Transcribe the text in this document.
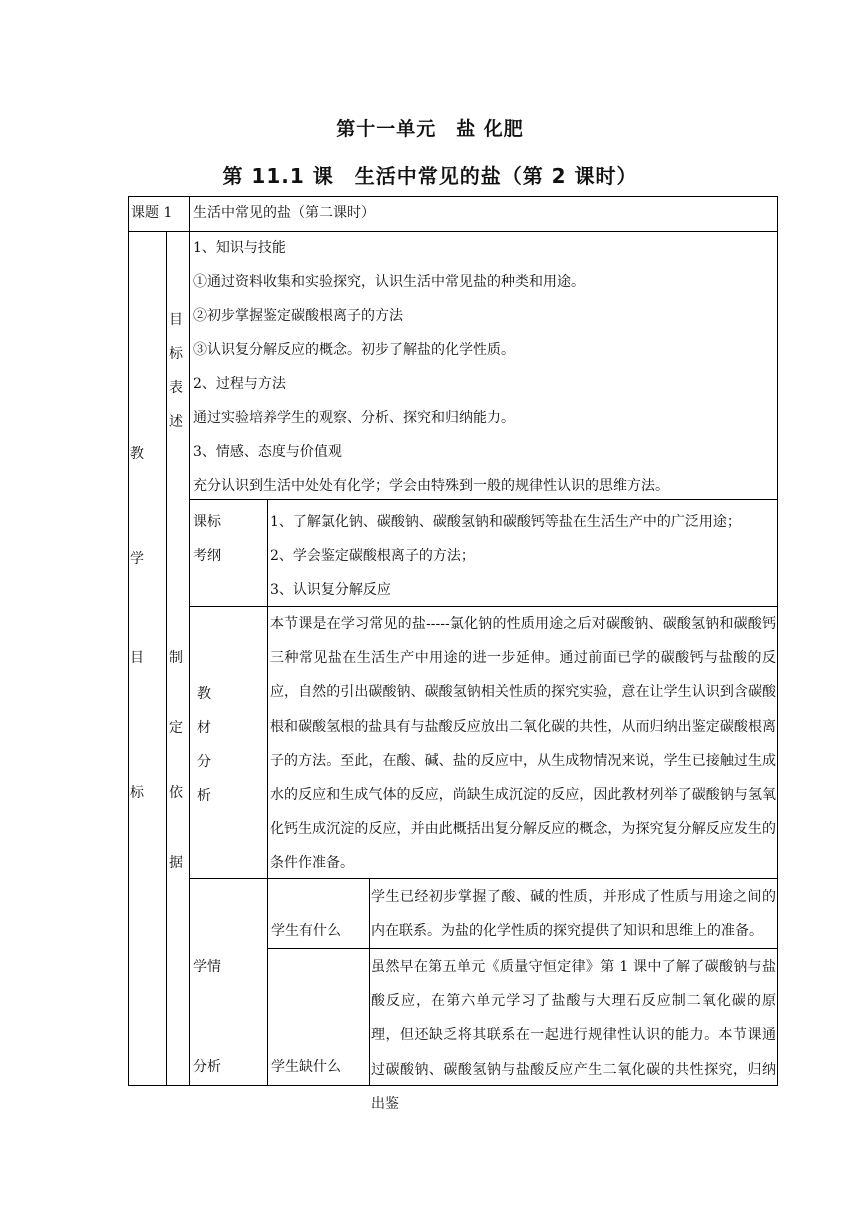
第十一单元　盐 化肥
第 11.1 课　生活中常见的盐（第 2 课时）
课题 1 生活中常见的盐（第二课时）
教
学
目
标
目
标
表
述
1、知识与技能
①通过资料收集和实验探究，认识生活中常见盐的种类和用途。
②初步掌握鉴定碳酸根离子的方法
③认识复分解反应的概念。初步了解盐的化学性质。
2、过程与方法
通过实验培养学生的观察、分析、探究和归纳能力。
3、情感、态度与价值观
充分认识到生活中处处有化学；学会由特殊到一般的规律性认识的思维方法。
制
定
依
据
课标
考纲
1、了解氯化钠、碳酸钠、碳酸氢钠和碳酸钙等盐在生活生产中的广泛用途；
2、学会鉴定碳酸根离子的方法；
3、认识复分解反应
教
材
分
析
本节课是在学习常见的盐-----氯化钠的性质用途之后对碳酸钠、碳酸氢钠和碳酸钙三种常见盐在生活生产中用途的进一步延伸。通过前面已学的碳酸钙与盐酸的反应，自然的引出碳酸钠、碳酸氢钠相关性质的探究实验，意在让学生认识到含碳酸根和碳酸氢根的盐具有与盐酸反应放出二氧化碳的共性，从而归纳出鉴定碳酸根离子的方法。至此，在酸、碱、盐的反应中，从生成物情况来说，学生已接触过生成水的反应和生成气体的反应，尚缺生成沉淀的反应，因此教材列举了碳酸钠与氢氧化钙生成沉淀的反应，并由此概括出复分解反应的概念，为探究复分解反应发生的条件作准备。
学情
分析
学生有什么
学生已经初步掌握了酸、碱的性质，并形成了性质与用途之间的内在联系。为盐的化学性质的探究提供了知识和思维上的准备。
学生缺什么
虽然早在第五单元《质量守恒定律》第 1 课中了解了碳酸钠与盐酸反应，在第六单元学习了盐酸与大理石反应制二氧化碳的原理，但还缺乏将其联系在一起进行规律性认识的能力。本节课通过碳酸钠、碳酸氢钠与盐酸反应产生二氧化碳的共性探究，归纳出鉴
